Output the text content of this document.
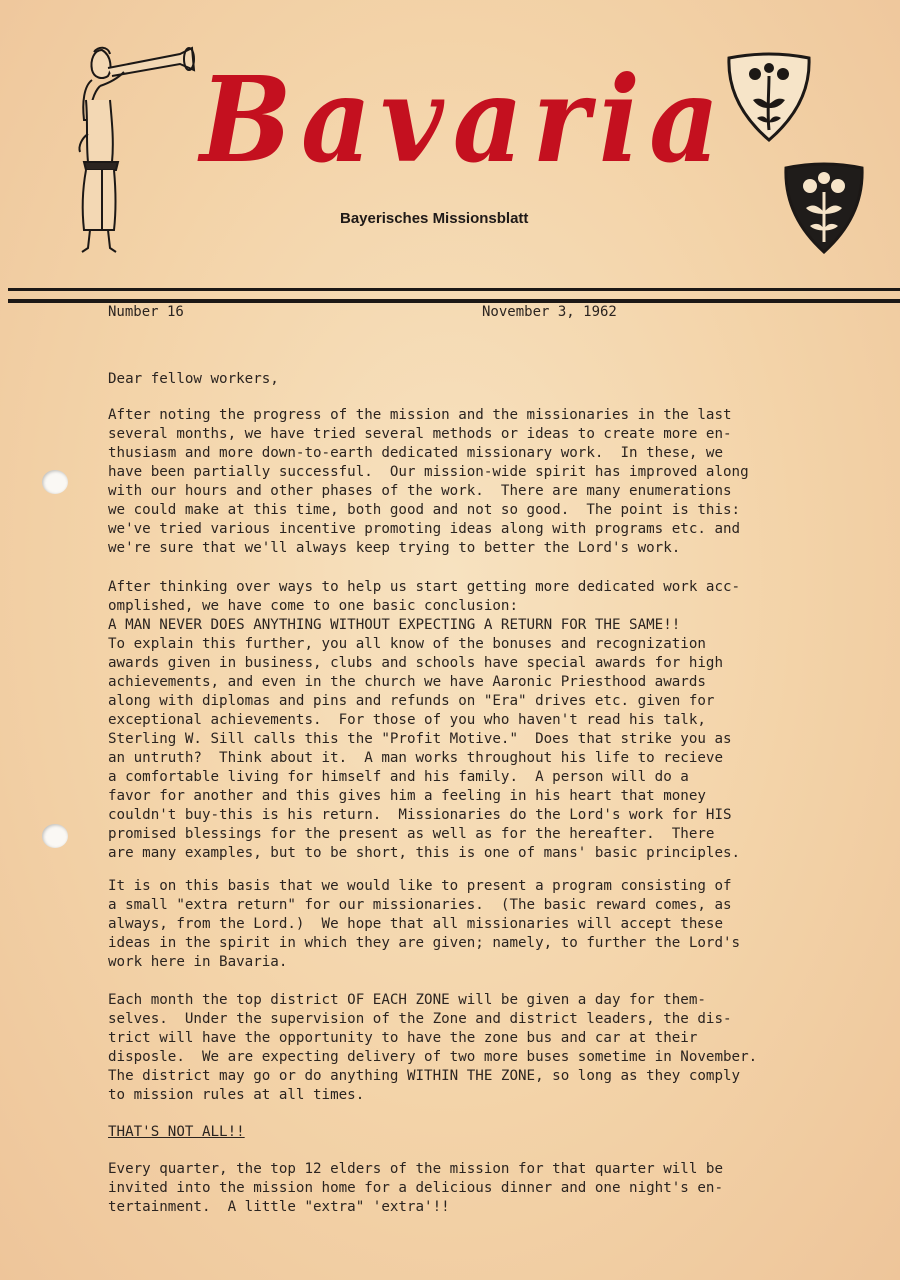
Bavaria
Bayerisches Missionsblatt
Number 16	November 3, 1962
Dear fellow workers,
After noting the progress of the mission and the missionaries in the last
several months, we have tried several methods or ideas to create more en-
thusiasm and more down-to-earth dedicated missionary work.  In these, we
have been partially successful.  Our mission-wide spirit has improved along
with our hours and other phases of the work.  There are many enumerations
we could make at this time, both good and not so good.  The point is this:
we've tried various incentive promoting ideas along with programs etc. and
we're sure that we'll always keep trying to better the Lord's work.
After thinking over ways to help us start getting more dedicated work acc-
omplished, we have come to one basic conclusion:
A MAN NEVER DOES ANYTHING WITHOUT EXPECTING A RETURN FOR THE SAME!!
To explain this further, you all know of the bonuses and recognization
awards given in business, clubs and schools have special awards for high
achievements, and even in the church we have Aaronic Priesthood awards
along with diplomas and pins and refunds on "Era" drives etc. given for
exceptional achievements.  For those of you who haven't read his talk,
Sterling W. Sill calls this the "Profit Motive."  Does that strike you as
an untruth?  Think about it.  A man works throughout his life to recieve
a comfortable living for himself and his family.  A person will do a
favor for another and this gives him a feeling in his heart that money
couldn't buy-this is his return.  Missionaries do the Lord's work for HIS
promised blessings for the present as well as for the hereafter.  There
are many examples, but to be short, this is one of mans' basic principles.
It is on this basis that we would like to present a program consisting of
a small "extra return" for our missionaries.  (The basic reward comes, as
always, from the Lord.)  We hope that all missionaries will accept these
ideas in the spirit in which they are given; namely, to further the Lord's
work here in Bavaria.
Each month the top district OF EACH ZONE will be given a day for them-
selves.  Under the supervision of the Zone and district leaders, the dis-
trict will have the opportunity to have the zone bus and car at their
disposle.  We are expecting delivery of two more buses sometime in November.
The district may go or do anything WITHIN THE ZONE, so long as they comply
to mission rules at all times.
THAT'S NOT ALL!!
Every quarter, the top 12 elders of the mission for that quarter will be
invited into the mission home for a delicious dinner and one night's en-
tertainment.  A little "extra" 'extra'!!
